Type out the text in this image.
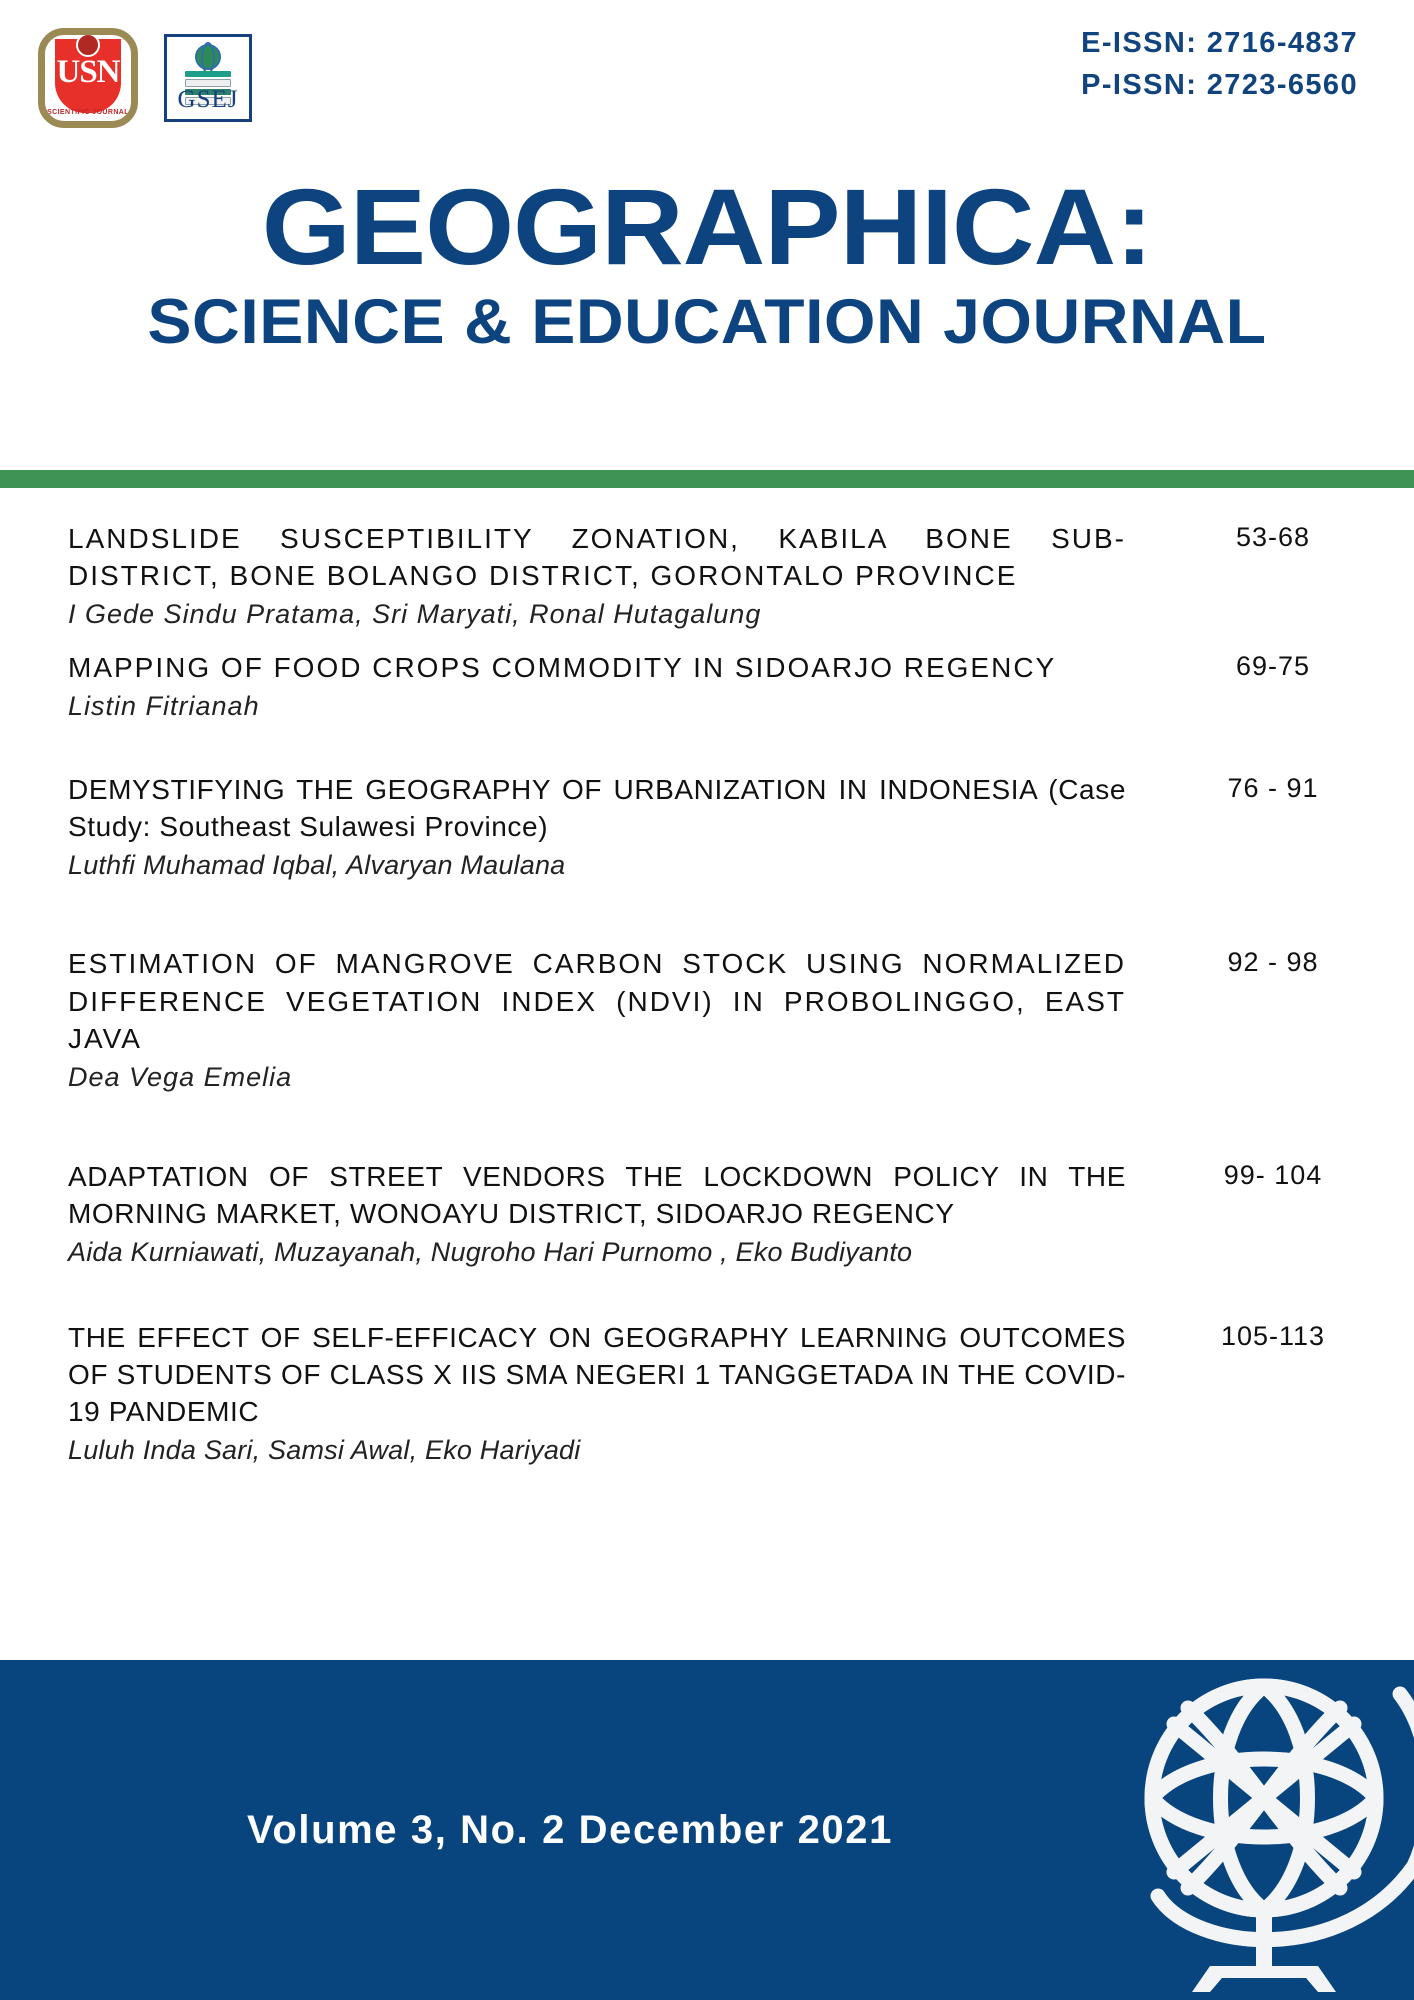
USN
SCIENTIFIC JOURNAL	GSEJ
E-ISSN: 2716-4837
P-ISSN: 2723-6560
GEOGRAPHICA:
SCIENCE & EDUCATION JOURNAL
LANDSLIDE SUSCEPTIBILITY ZONATION, KABILA BONE SUB-DISTRICT, BONE BOLANGO DISTRICT, GORONTALO PROVINCE
I Gede Sindu Pratama, Sri Maryati, Ronal Hutagalung
53-68
MAPPING OF FOOD CROPS COMMODITY IN SIDOARJO REGENCY
Listin Fitrianah
69-75
DEMYSTIFYING THE GEOGRAPHY OF URBANIZATION IN INDONESIA (Case Study: Southeast Sulawesi Province)
Luthfi Muhamad Iqbal, Alvaryan Maulana
76 - 91
ESTIMATION OF MANGROVE CARBON STOCK USING NORMALIZED DIFFERENCE VEGETATION INDEX (NDVI) IN PROBOLINGGO, EAST JAVA
Dea Vega Emelia
92 - 98
ADAPTATION OF STREET VENDORS THE LOCKDOWN POLICY IN THE MORNING MARKET, WONOAYU DISTRICT, SIDOARJO REGENCY
Aida Kurniawati, Muzayanah, Nugroho Hari Purnomo , Eko Budiyanto
99- 104
THE EFFECT OF SELF-EFFICACY ON GEOGRAPHY LEARNING OUTCOMES OF STUDENTS OF CLASS X IIS SMA NEGERI 1 TANGGETADA IN THE COVID-19 PANDEMIC
Luluh Inda Sari, Samsi Awal, Eko Hariyadi
105-113
Volume 3, No. 2 December 2021
